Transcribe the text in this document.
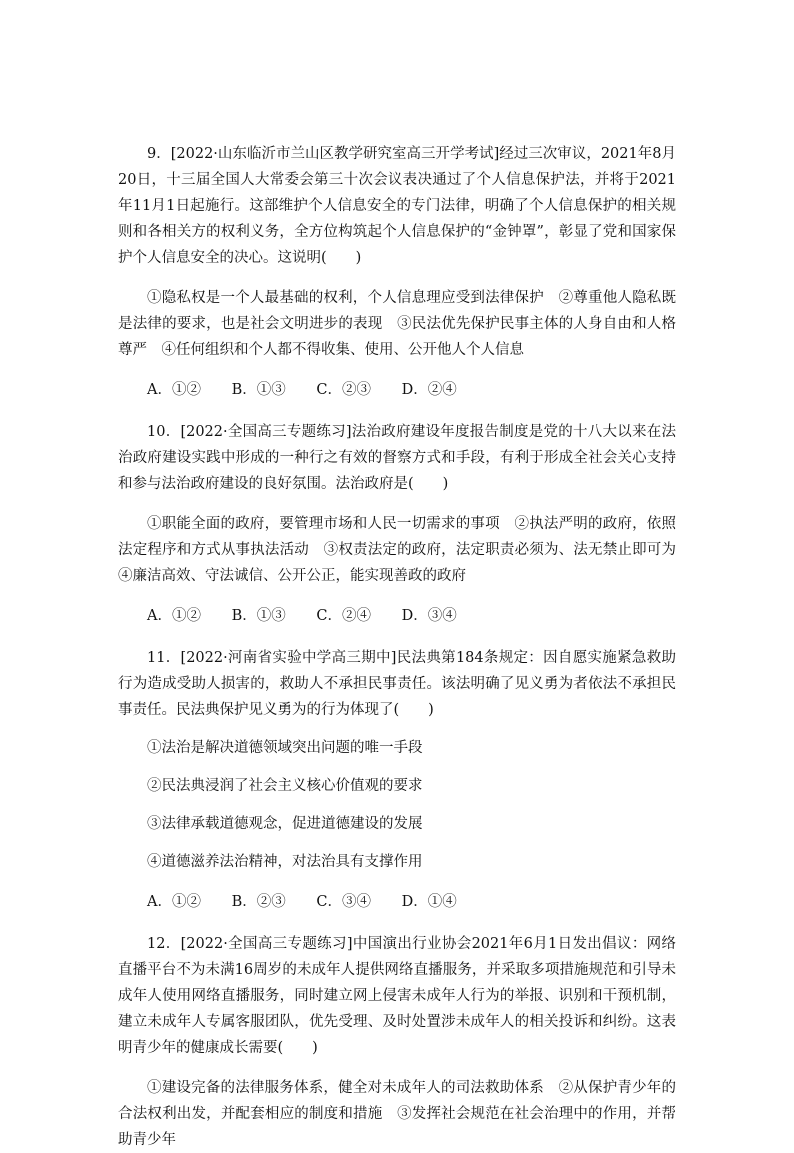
9．[2022·山东临沂市兰山区教学研究室高三开学考试]经过三次审议，2021年8月20日，十三届全国人大常委会第三十次会议表决通过了个人信息保护法，并将于2021年11月1日起施行。这部维护个人信息安全的专门法律，明确了个人信息保护的相关规则和各相关方的权利义务，全方位构筑起个人信息保护的“金钟罩”，彰显了党和国家保护个人信息安全的决心。这说明(　　)

①隐私权是一个人最基础的权利，个人信息理应受到法律保护　②尊重他人隐私既是法律的要求，也是社会文明进步的表现　③民法优先保护民事主体的人身自由和人格尊严　④任何组织和个人都不得收集、使用、公开他人个人信息

A．①② B．①③ C．②③ D．②④

10．[2022·全国高三专题练习]法治政府建设年度报告制度是党的十八大以来在法治政府建设实践中形成的一种行之有效的督察方式和手段，有利于形成全社会关心支持和参与法治政府建设的良好氛围。法治政府是(　　)

①职能全面的政府，要管理市场和人民一切需求的事项　②执法严明的政府，依照法定程序和方式从事执法活动　③权责法定的政府，法定职责必须为、法无禁止即可为　④廉洁高效、守法诚信、公开公正，能实现善政的政府

A．①② B．①③ C．②④ D．③④

11．[2022·河南省实验中学高三期中]民法典第184条规定：因自愿实施紧急救助行为造成受助人损害的，救助人不承担民事责任。该法明确了见义勇为者依法不承担民事责任。民法典保护见义勇为的行为体现了(　　)

①法治是解决道德领域突出问题的唯一手段

②民法典浸润了社会主义核心价值观的要求

③法律承载道德观念，促进道德建设的发展

④道德滋养法治精神，对法治具有支撑作用

A．①② B．②③ C．③④ D．①④

12．[2022·全国高三专题练习]中国演出行业协会2021年6月1日发出倡议：网络直播平台不为未满16周岁的未成年人提供网络直播服务，并采取多项措施规范和引导未成年人使用网络直播服务，同时建立网上侵害未成年人行为的举报、识别和干预机制，建立未成年人专属客服团队，优先受理、及时处置涉未成年人的相关投诉和纠纷。这表明青少年的健康成长需要(　　)

①建设完备的法律服务体系，健全对未成年人的司法救助体系　②从保护青少年的合法权利出发，并配套相应的制度和措施　③发挥社会规范在社会治理中的作用，并帮助青少年
